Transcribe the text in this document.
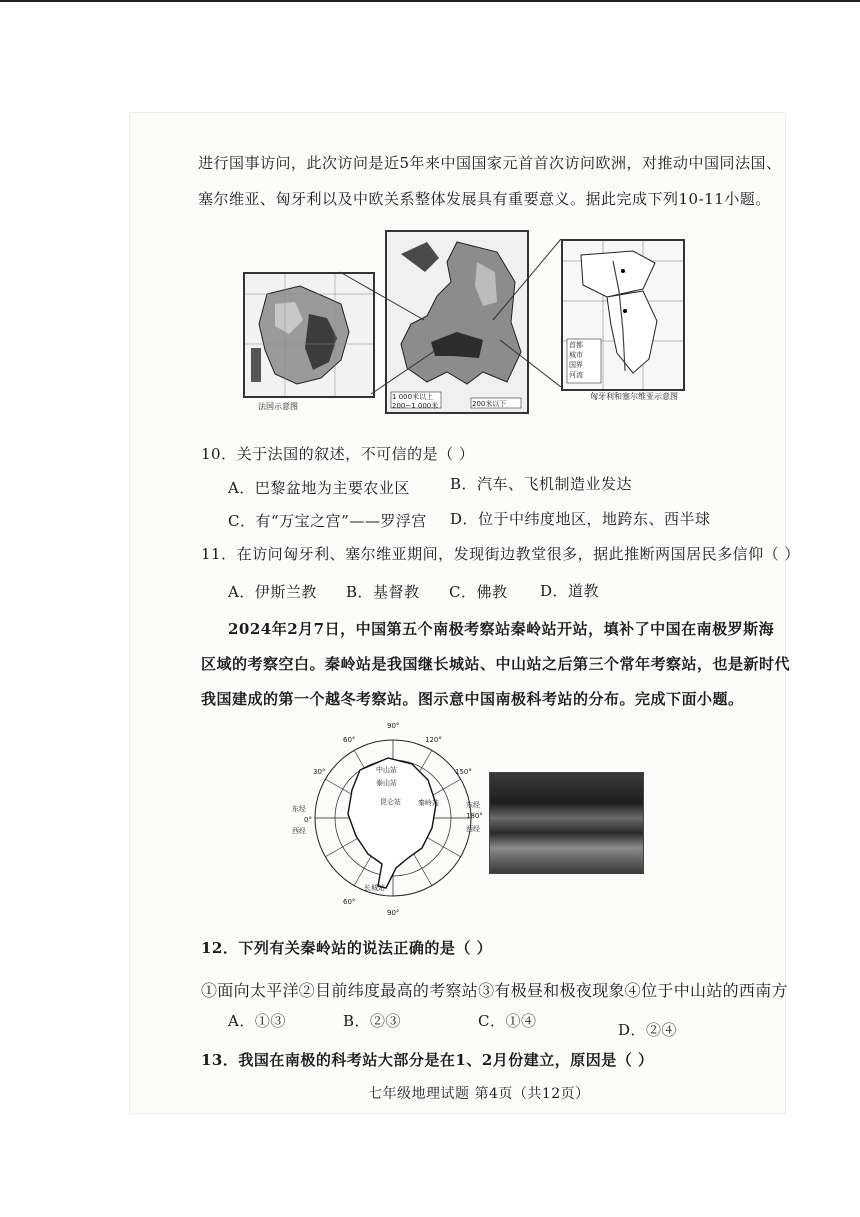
进行国事访问，此次访问是近5年来中国国家元首首次访问欧洲，对推动中国同法国、
塞尔维亚、匈牙利以及中欧关系整体发展具有重要意义。据此完成下列10-11小题。
法国示意图
1 000米以上
200~1 000米	200米以下
首都
城市
国界
河流
匈牙利和塞尔维亚示意图
10．关于法国的叙述，不可信的是（ ）
A．巴黎盆地为主要农业区	B．汽车、飞机制造业发达
C．有“万宝之宫”——罗浮宫 D．位于中纬度地区，地跨东、西半球
11．在访问匈牙利、塞尔维亚期间，发现街边教堂很多，据此推断两国居民多信仰（ ）
A．伊斯兰教 B．基督教 C．佛教 D．道教
2024年2月7日，中国第五个南极考察站秦岭站开站，填补了中国在南极罗斯海
区域的考察空白。秦岭站是我国继长城站、中山站之后第三个常年考察站，也是新时代
我国建成的第一个越冬考察站。图示意中国南极科考站的分布。完成下面小题。
90°
60°	120°
30°	150°
0°	180°
60°
90°
东经
西经
东经
西经
中山站
泰山站
昆仑站 秦岭站
长城站
12．下列有关秦岭站的说法正确的是（ ）
①面向太平洋②目前纬度最高的考察站③有极昼和极夜现象④位于中山站的西南方
A．①③	B．②③	C．①④	D．②④
13．我国在南极的科考站大部分是在1、2月份建立，原因是（ ）
七年级地理试题 第4页（共12页）
